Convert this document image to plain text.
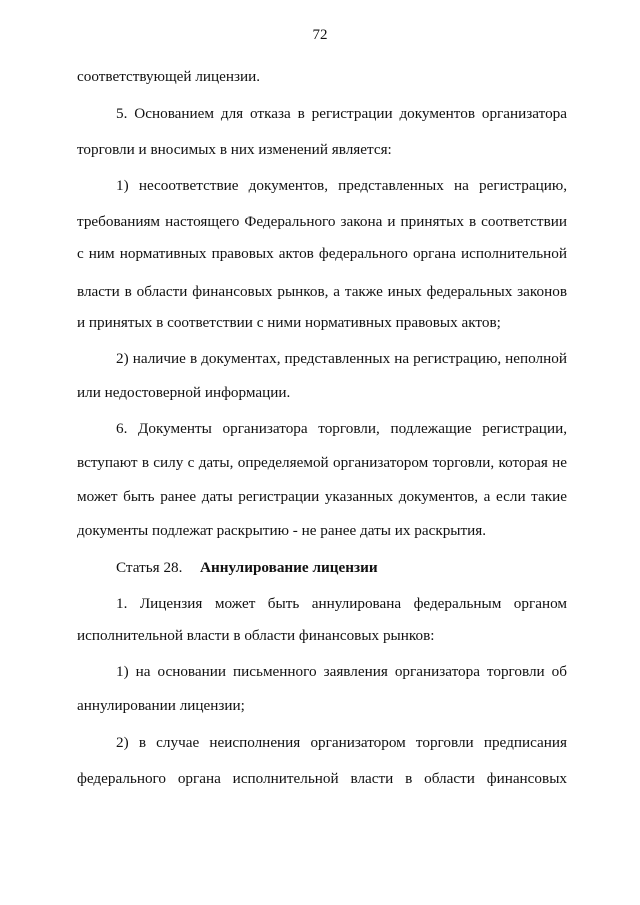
72
соответствующей лицензии.
5. Основанием для отказа в регистрации документов организатора
торговли и вносимых в них изменений является:
1) несоответствие документов, представленных на регистрацию,
требованиям настоящего Федерального закона и принятых в соответствии
с ним нормативных правовых актов федерального органа исполнительной
власти в области финансовых рынков, а также иных федеральных законов
и принятых в соответствии с ними нормативных правовых актов;
2) наличие в документах, представленных на регистрацию, неполной
или недостоверной информации.
6. Документы организатора торговли, подлежащие регистрации,
вступают в силу с даты, определяемой организатором торговли, которая не
может быть ранее даты регистрации указанных документов, а если такие
документы подлежат раскрытию - не ранее даты их раскрытия.
Статья 28. Аннулирование лицензии
1. Лицензия может быть аннулирована федеральным органом
исполнительной власти в области финансовых рынков:
1) на основании письменного заявления организатора торговли об
аннулировании лицензии;
2) в случае неисполнения организатором торговли предписания
федерального органа исполнительной власти в области финансовых
